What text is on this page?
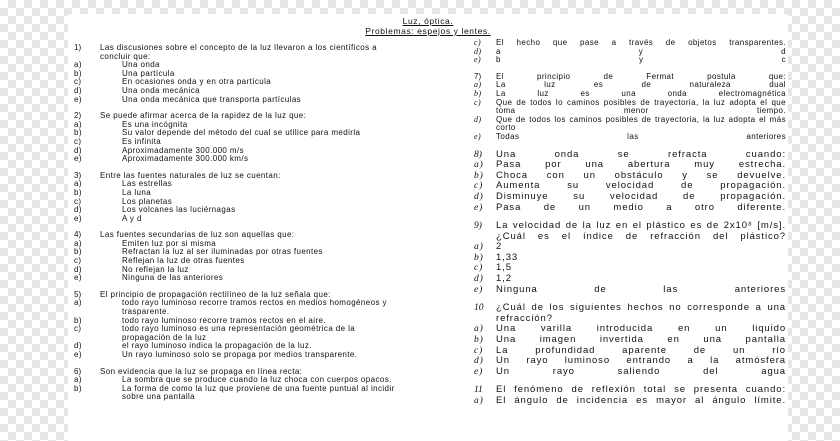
Luz, óptica.
Problemas: espejos y lentes.
1) Las discusiones sobre el concepto de la luz llevaron a los científicos a concluir que:
a)	Una onda
b)	Una partícula
c)	En ocasiones onda y en otra partícula
d)	Una onda mecánica
e)	Una onda mecánica que transporta partículas
2) Se puede afirmar acerca de la rapidez de la luz que:
a)	Es una incógnita
b)	Su valor depende del método del cual se utilice para medirla
c)	Es infinita
d)	Aproximadamente 300.000 m/s
e)	Aproximadamente 300.000 km/s
3) Entre las fuentes naturales de luz se cuentan:
a)	Las estrellas
b)	La luna
c)	Los planetas
d)	Los volcanes las luciérnagas
e)	A y d
4) Las fuentes secundarias de luz son aquellas que:
a)	Emiten luz por si misma
b)	Refractan la luz al ser iluminadas por otras fuentes
c)	Reflejan la luz de otras fuentes
d)	No reflejan la luz
e)	Ninguna de las anteriores
5) El principio de propagación rectilíneo de la luz señala que:
a)	todo rayo luminoso recorre tramos rectos en medios homogéneos y trasparente.
b)	todo rayo luminoso recorre tramos rectos en el aire.
c)	todo rayo luminoso es una representación geométrica de la propagación de la luz
d)	el rayo luminoso indica la propagación de la luz.
e)	Un rayo luminoso solo se propaga por medios transparente.
6) Son evidencia que la luz se propaga en línea recta:
a)	La sombra que se produce cuando la luz choca con cuerpos opacos.
b)	La forma de como la luz que proviene de una fuente puntual al incidir sobre una pantalla
c) El hecho que pase a través de objetos transparentes.
d) a y d
e) b y c
7) El principio de Fermat postula que:
a) La luz es de naturaleza dual
b) La luz es una onda electromagnética
c) Que de todos lo caminos posibles de trayectoria, la luz adopta el que toma menor tiempo.
d) Que de todos los caminos posibles de trayectoria, la luz adopta el más corto
e) Todas las anteriores
8) Una onda se refracta cuando:
a) Pasa por una abertura muy estrecha.
b) Choca con un obstáculo y se devuelve.
c) Aumenta su velocidad de propagación.
d) Disminuye su velocidad de propagación.
e) Pasa de un medio a otro diferente.
9) La velocidad de la luz en el plástico es de 2x10⁸ [m/s]. ¿Cuál es el índice de refracción del plástico?
a) 2
b) 1,33
c) 1,5
d) 1,2
e) Ninguna de las anteriores
10 ¿Cuál de los siguientes hechos no corresponde a una refracción?
a) Una varilla introducida en un liquido
b) Una imagen invertida en una pantalla
c) La profundidad aparente de un río
d) Un rayo luminoso entrando a la atmósfera
e) Un rayo saliendo del agua
11 El fenómeno de reflexión total se presenta cuando:
a) El ángulo de incidencia es mayor al ángulo límite.
